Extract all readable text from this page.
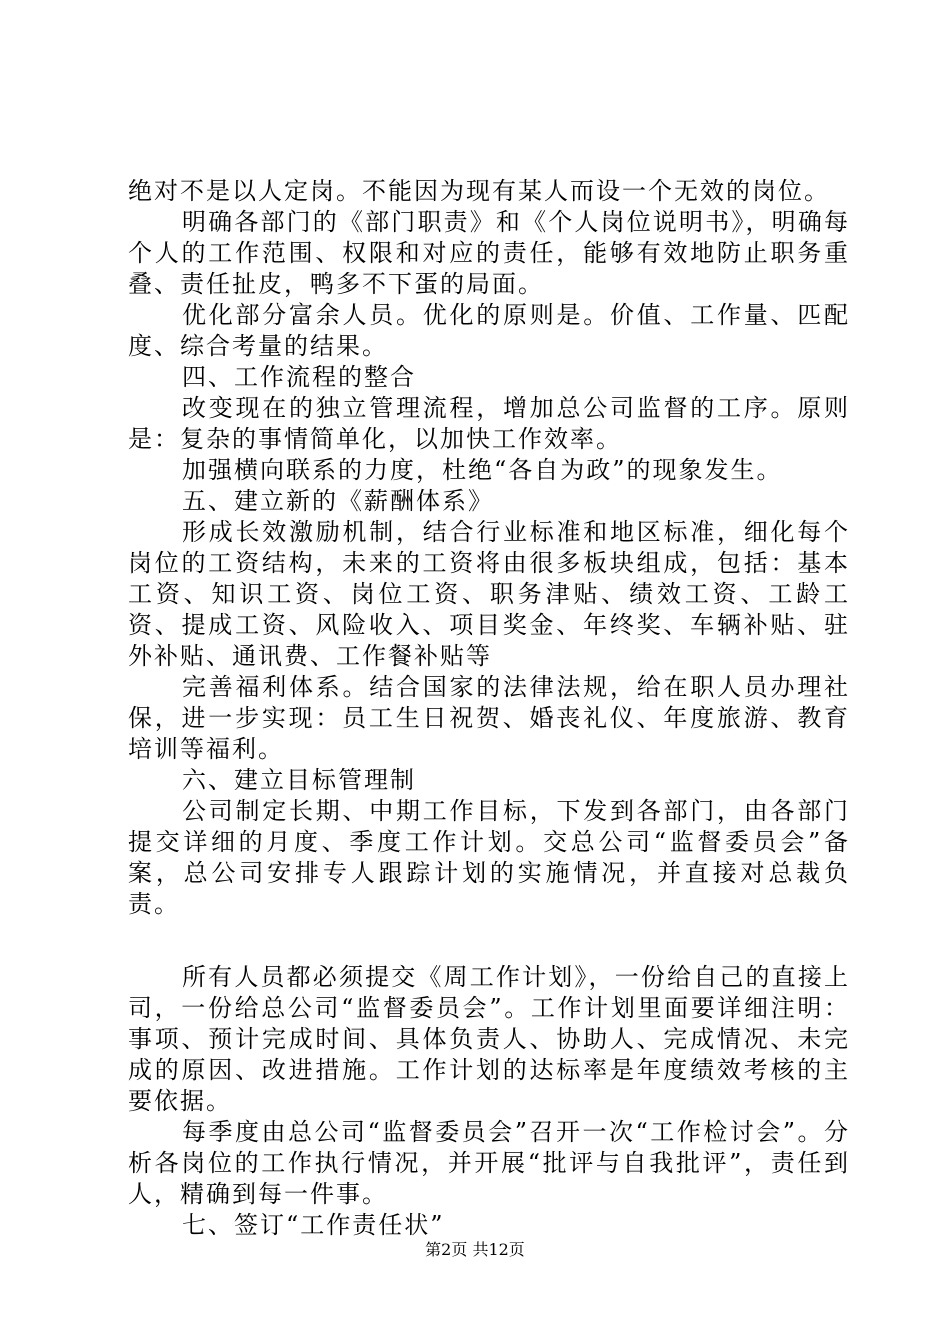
绝对不是以人定岗。不能因为现有某人而设一个无效的岗位。

明确各部门的《部门职责》和《个人岗位说明书》，明确每个人的工作范围、权限和对应的责任，能够有效地防止职务重叠、责任扯皮，鸭多不下蛋的局面。

优化部分富余人员。优化的原则是。价值、工作量、匹配度、综合考量的结果。

四、工作流程的整合

改变现在的独立管理流程，增加总公司监督的工序。原则是：复杂的事情简单化，以加快工作效率。

加强横向联系的力度，杜绝“各自为政”的现象发生。

五、建立新的《薪酬体系》

形成长效激励机制，结合行业标准和地区标准，细化每个岗位的工资结构，未来的工资将由很多板块组成，包括：基本工资、知识工资、岗位工资、职务津贴、绩效工资、工龄工资、提成工资、风险收入、项目奖金、年终奖、车辆补贴、驻外补贴、通讯费、工作餐补贴等

完善福利体系。结合国家的法律法规，给在职人员办理社保，进一步实现：员工生日祝贺、婚丧礼仪、年度旅游、教育培训等福利。

六、建立目标管理制

公司制定长期、中期工作目标，下发到各部门，由各部门提交详细的月度、季度工作计划。交总公司“监督委员会”备案，总公司安排专人跟踪计划的实施情况，并直接对总裁负责。

所有人员都必须提交《周工作计划》，一份给自己的直接上司，一份给总公司“监督委员会”。工作计划里面要详细注明：事项、预计完成时间、具体负责人、协助人、完成情况、未完成的原因、改进措施。工作计划的达标率是年度绩效考核的主要依据。

每季度由总公司“监督委员会”召开一次“工作检讨会”。分析各岗位的工作执行情况，并开展“批评与自我批评”，责任到人，精确到每一件事。

七、签订“工作责任状”

第2页 共12页
